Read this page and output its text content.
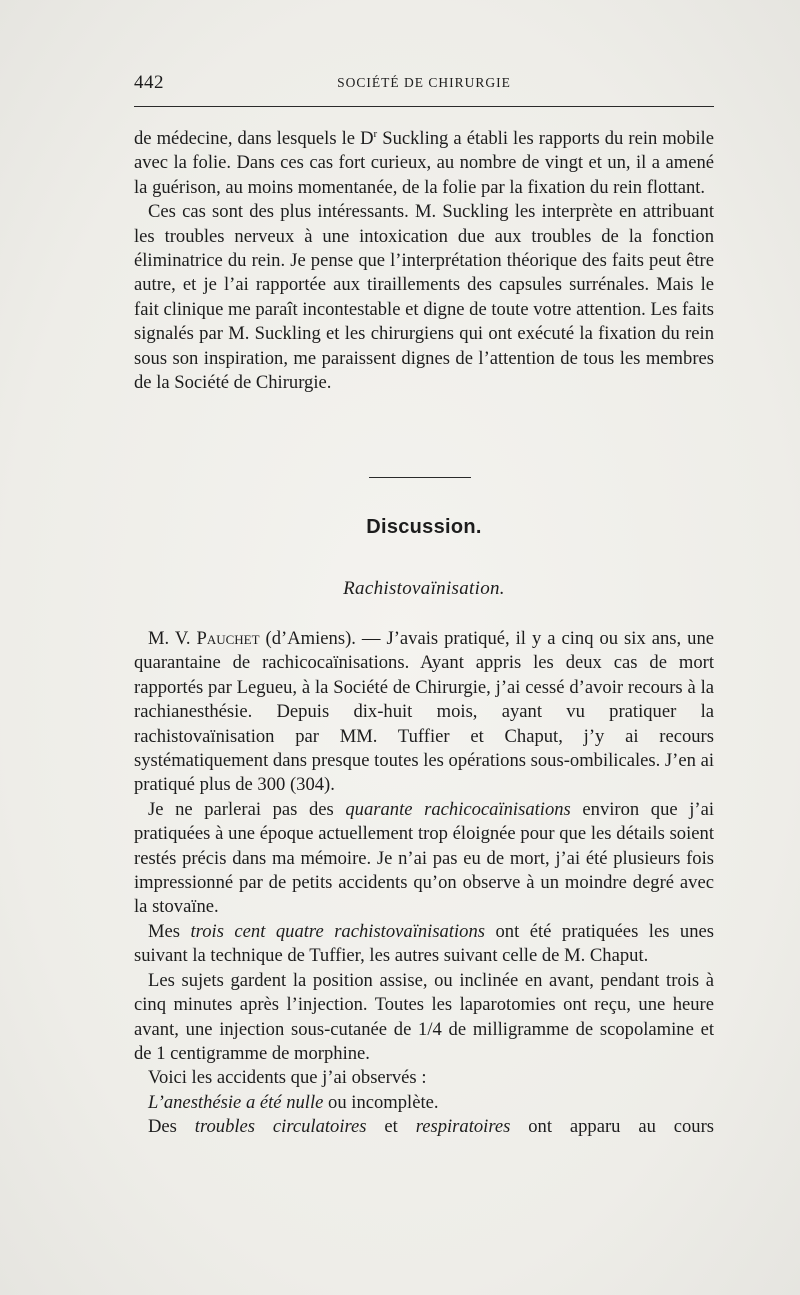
442	SOCIÉTÉ DE CHIRURGIE

de médecine, dans lesquels le $D^r$ Suckling a établi les rapports du rein mobile avec la folie. Dans ces cas fort curieux, au nombre de vingt et un, il a amené la guérison, au moins momentanée, de la folie par la fixation du rein flottant.

Ces cas sont des plus intéressants. M. Suckling les interprète en attribuant les troubles nerveux à une intoxication due aux troubles de la fonction éliminatrice du rein. Je pense que l’interprétation théorique des faits peut être autre, et je l’ai rapportée aux tiraillements des capsules surrénales. Mais le fait clinique me paraît incontestable et digne de toute votre attention. Les faits signalés par M. Suckling et les chirurgiens qui ont exécuté la fixation du rein sous son inspiration, me paraissent dignes de l’attention de tous les membres de la Société de Chirurgie.

Discussion.
Rachistovaïnisation.

M. V. Pauchet (d’Amiens). — J’avais pratiqué, il y a cinq ou six ans, une quarantaine de rachicocaïnisations. Ayant appris les deux cas de mort rapportés par Legueu, à la Société de Chirurgie, j’ai cessé d’avoir recours à la rachianesthésie. Depuis dix-huit mois, ayant vu pratiquer la rachistovaïnisation par MM. Tuffier et Chaput, j’y ai recours systématiquement dans presque toutes les opérations sous-ombilicales. J’en ai pratiqué plus de 300 (304).

Je ne parlerai pas des quarante rachicocaïnisations environ que j’ai pratiquées à une époque actuellement trop éloignée pour que les détails soient restés précis dans ma mémoire. Je n’ai pas eu de mort, j’ai été plusieurs fois impressionné par de petits accidents qu’on observe à un moindre degré avec la stovaïne.

Mes trois cent quatre rachistovaïnisations ont été pratiquées les unes suivant la technique de Tuffier, les autres suivant celle de M. Chaput.

Les sujets gardent la position assise, ou inclinée en avant, pendant trois à cinq minutes après l’injection. Toutes les laparotomies ont reçu, une heure avant, une injection sous-cutanée de 1/4 de milligramme de scopolamine et de 1 centigramme de morphine.

Voici les accidents que j’ai observés :

L’anesthésie a été nulle ou incomplète.

Des troubles circulatoires et respiratoires ont apparu au cours
